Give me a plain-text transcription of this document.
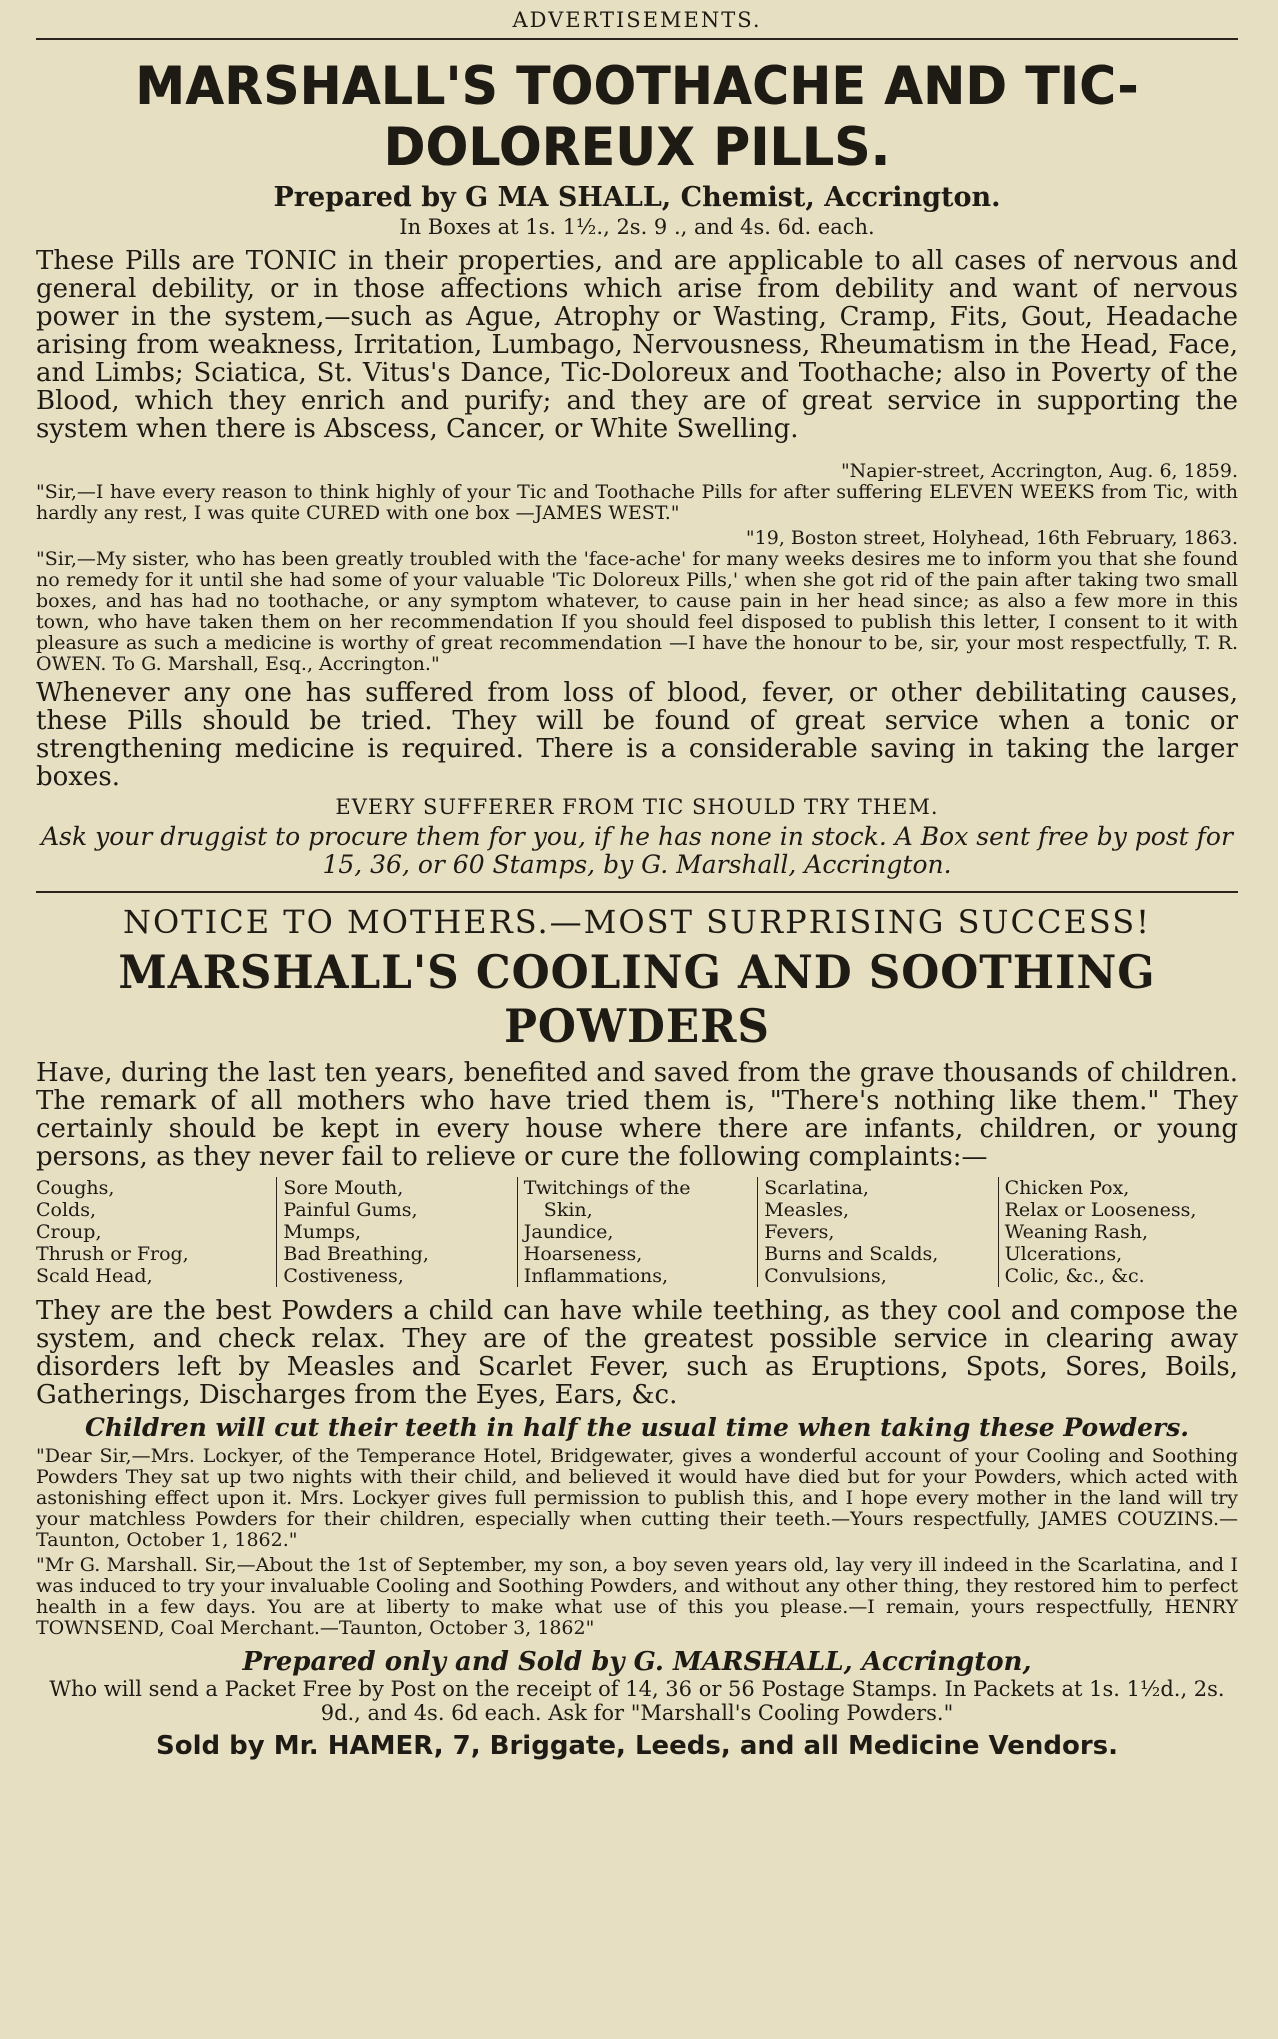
ADVERTISEMENTS.
MARSHALL'S TOOTHACHE AND TIC-DOLOREUX PILLS.

Prepared by G MA SHALL, Chemist, Accrington.

In Boxes at 1s. 1½., 2s. 9 ., and 4s. 6d. each.

These Pills are TONIC in their properties, and are applicable to all cases of nervous and general debility, or in those affections which arise from debility and want of nervous power in the system,—such as Ague, Atrophy or Wasting, Cramp, Fits, Gout, Headache arising from weakness, Irritation, Lumbago, Nervousness, Rheumatism in the Head, Face, and Limbs; Sciatica, St. Vitus's Dance, Tic-Doloreux and Toothache; also in Poverty of the Blood, which they enrich and purify; and they are of great service in supporting the system when there is Abscess, Cancer, or White Swelling.

"Napier-street, Accrington, Aug. 6, 1859.

"Sir,—I have every reason to think highly of your Tic and Toothache Pills for after suffering ELEVEN WEEKS from Tic, with hardly any rest, I was quite CURED with one box —JAMES WEST."

"19, Boston street, Holyhead, 16th February, 1863.

"Sir,—My sister, who has been greatly troubled with the 'face-ache' for many weeks desires me to inform you that she found no remedy for it until she had some of your valuable 'Tic Doloreux Pills,' when she got rid of the pain after taking two small boxes, and has had no toothache, or any symptom whatever, to cause pain in her head since; as also a few more in this town, who have taken them on her recommendation If you should feel disposed to publish this letter, I consent to it with pleasure as such a medicine is worthy of great recommendation —I have the honour to be, sir, your most respectfully, T. R. OWEN. To G. Marshall, Esq., Accrington."

Whenever any one has suffered from loss of blood, fever, or other debilitating causes, these Pills should be tried. They will be found of great service when a tonic or strengthening medicine is required. There is a considerable saving in taking the larger boxes.

EVERY SUFFERER FROM TIC SHOULD TRY THEM.

Ask your druggist to procure them for you, if he has none in stock. A Box sent free by post for 15, 36, or 60 Stamps, by G. Marshall, Accrington.

NOTICE TO MOTHERS.—MOST SURPRISING SUCCESS!
MARSHALL'S COOLING AND SOOTHING POWDERS

Have, during the last ten years, benefited and saved from the grave thousands of children. The remark of all mothers who have tried them is, "There's nothing like them." They certainly should be kept in every house where there are infants, children, or young persons, as they never fail to relieve or cure the following complaints:—

Coughs,
Colds,
Croup,
Thrush or Frog,
Scald Head,
Sore Mouth,
Painful Gums,
Mumps,
Bad Breathing,
Costiveness,
Twitchings of the
Skin,
Jaundice,
Hoarseness,
Inflammations,
Scarlatina,
Measles,
Fevers,
Burns and Scalds,
Convulsions,
Chicken Pox,
Relax or Looseness,
Weaning Rash,
Ulcerations,
Colic, &c., &c.

They are the best Powders a child can have while teething, as they cool and compose the system, and check relax. They are of the greatest possible service in clearing away disorders left by Measles and Scarlet Fever, such as Eruptions, Spots, Sores, Boils, Gatherings, Discharges from the Eyes, Ears, &c.

Children will cut their teeth in half the usual time when taking these Powders.

"Dear Sir,—Mrs. Lockyer, of the Temperance Hotel, Bridgewater, gives a wonderful account of your Cooling and Soothing Powders They sat up two nights with their child, and believed it would have died but for your Powders, which acted with astonishing effect upon it. Mrs. Lockyer gives full permission to publish this, and I hope every mother in the land will try your matchless Powders for their children, especially when cutting their teeth.—Yours respectfully, JAMES COUZINS.—Taunton, October 1, 1862."

"Mr G. Marshall. Sir,—About the 1st of September, my son, a boy seven years old, lay very ill indeed in the Scarlatina, and I was induced to try your invaluable Cooling and Soothing Powders, and without any other thing, they restored him to perfect health in a few days. You are at liberty to make what use of this you please.—I remain, yours respectfully, HENRY TOWNSEND, Coal Merchant.—Taunton, October 3, 1862"

Prepared only and Sold by G. MARSHALL, Accrington,

Who will send a Packet Free by Post on the receipt of 14, 36 or 56 Postage Stamps. In Packets at 1s. 1½d., 2s. 9d., and 4s. 6d each. Ask for "Marshall's Cooling Powders."

Sold by Mr. HAMER, 7, Briggate, Leeds, and all Medicine Vendors.
